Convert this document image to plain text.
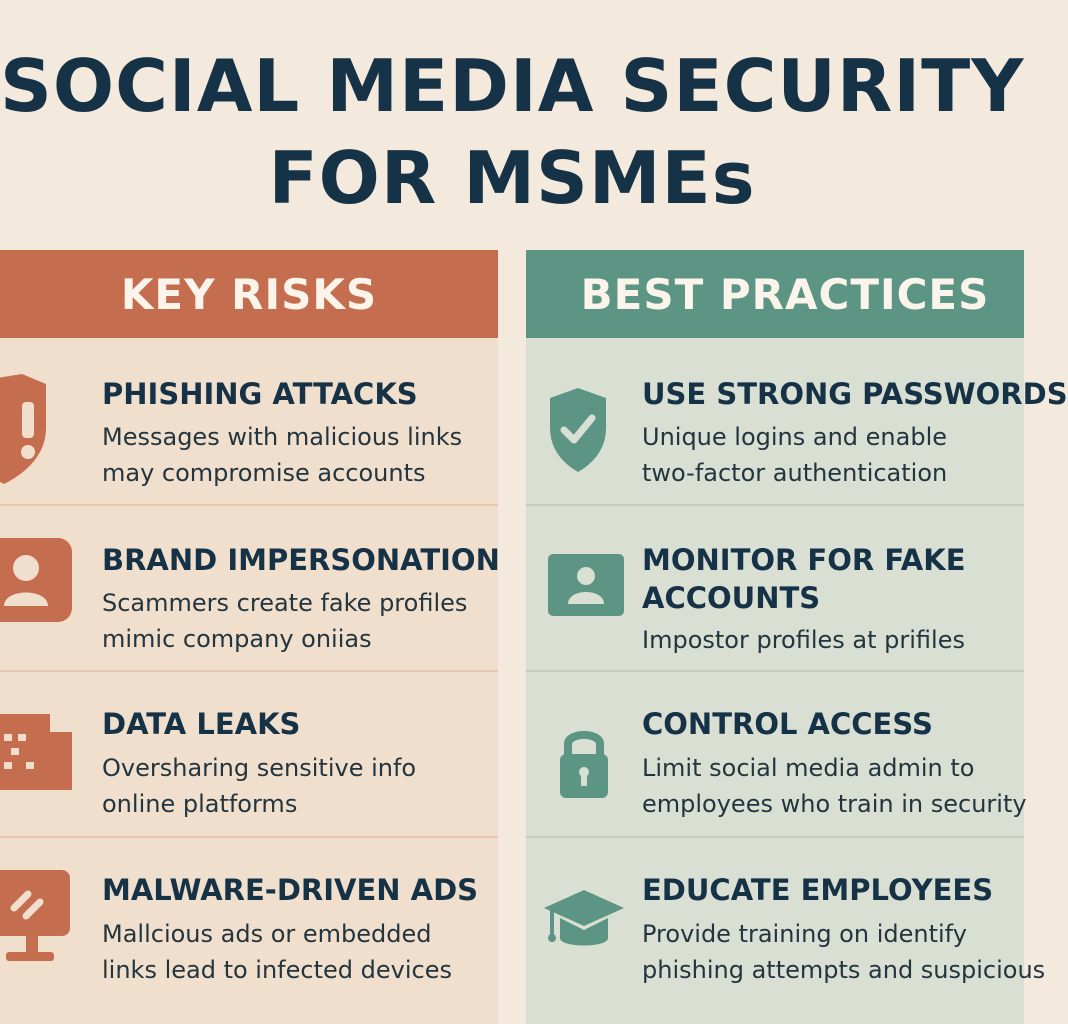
SOCIAL MEDIA SECURITY
FOR MSMEs
KEY RISKS
PHISHING ATTACKS
Messages with malicious links
may compromise accounts
BRAND IMPERSONATION
Scammers create fake profiles
mimic company oniias
DATA LEAKS
Oversharing sensitive info
online platforms
MALWARE-DRIVEN ADS
Mallcious ads or embedded
links lead to infected devices
BEST PRACTICES
USE STRONG PASSWORDS
Unique logins and enable
two-factor authentication
MONITOR FOR FAKE
ACCOUNTS
Impostor profiles at prifiles
CONTROL ACCESS
Limit social media admin to
employees who train in security
EDUCATE EMPLOYEES
Provide training on identify
phishing attempts and suspicious
